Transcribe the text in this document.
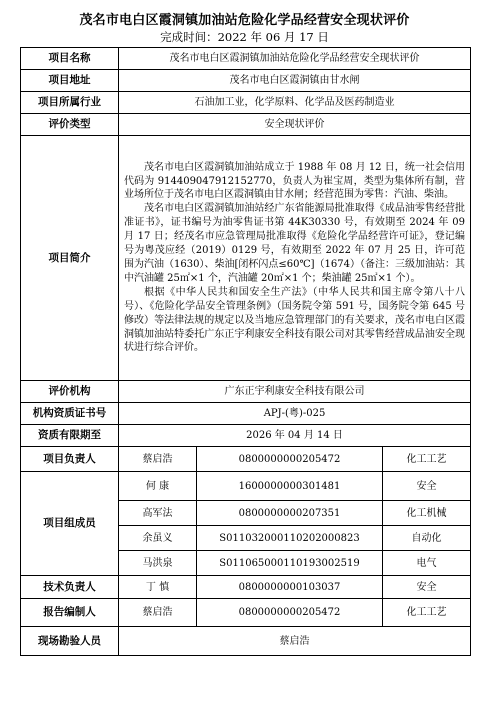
茂名市电白区霞洞镇加油站危险化学品经营安全现状评价
完成时间：2022 年 06 月 17 日
项目名称	茂名市电白区霞洞镇加油站危险化学品经营安全现状评价		
项目地址	茂名市电白区霞洞镇由甘水闸		
项目所属行业	石油加工业，化学原料、化学品及医药制造业		
评价类型	安全现状评价		
项目简介	茂名市电白区霞洞镇加油站成立于 1988 年 08 月 12 日，统一社会信用代码为 914409047912152770，负责人为崔宝周，类型为集体所有制，营业场所位于茂名市电白区霞洞镇由甘水闸；经营范围为零售：汽油、柴油。

茂名市电白区霞洞镇加油站经广东省能源局批准取得《成品油零售经营批准证书》，证书编号为油零售证书第 44K30330 号，有效期至 2024 年 09 月 17 日；经茂名市应急管理局批准取得《危险化学品经营许可证》，登记编号为粤茂应经（2019）0129 号，有效期至 2022 年 07 月 25 日，许可范围为汽油（1630）、柴油[闭杯闪点≤60℃]（1674）（备注：三级加油站：其中汽油罐 25㎡×1 个，汽油罐 20㎡×1 个；柴油罐 25㎡×1 个）。

根据《中华人民共和国安全生产法》（中华人民共和国主席令第八十八号）、《危险化学品安全管理条例》（国务院令第 591 号，国务院令第 645 号修改）等法律法规的规定以及当地应急管理部门的有关要求，茂名市电白区霞洞镇加油站特委托广东正宇利康安全科技有限公司对其零售经营成品油安全现状进行综合评价。		

评价机构	广东正宇利康安全科技有限公司		
机构资质证书号	APJ-(粤)-025		
资质有限期至	2026 年 04 月 14 日		
项目负责人	蔡启浩	0800000000205472	化工工艺
项目组成员	何 康	1600000000301481	安全
	高军法	0800000000207351	化工机械
	余虽义	S011032000110202000823	自动化
	马洪泉	S011065000110193002519	电气
技术负责人	丁 慎	0800000000103037	安全
报告编制人	蔡启浩	0800000000205472	化工工艺
现场勘验人员	蔡启浩		
